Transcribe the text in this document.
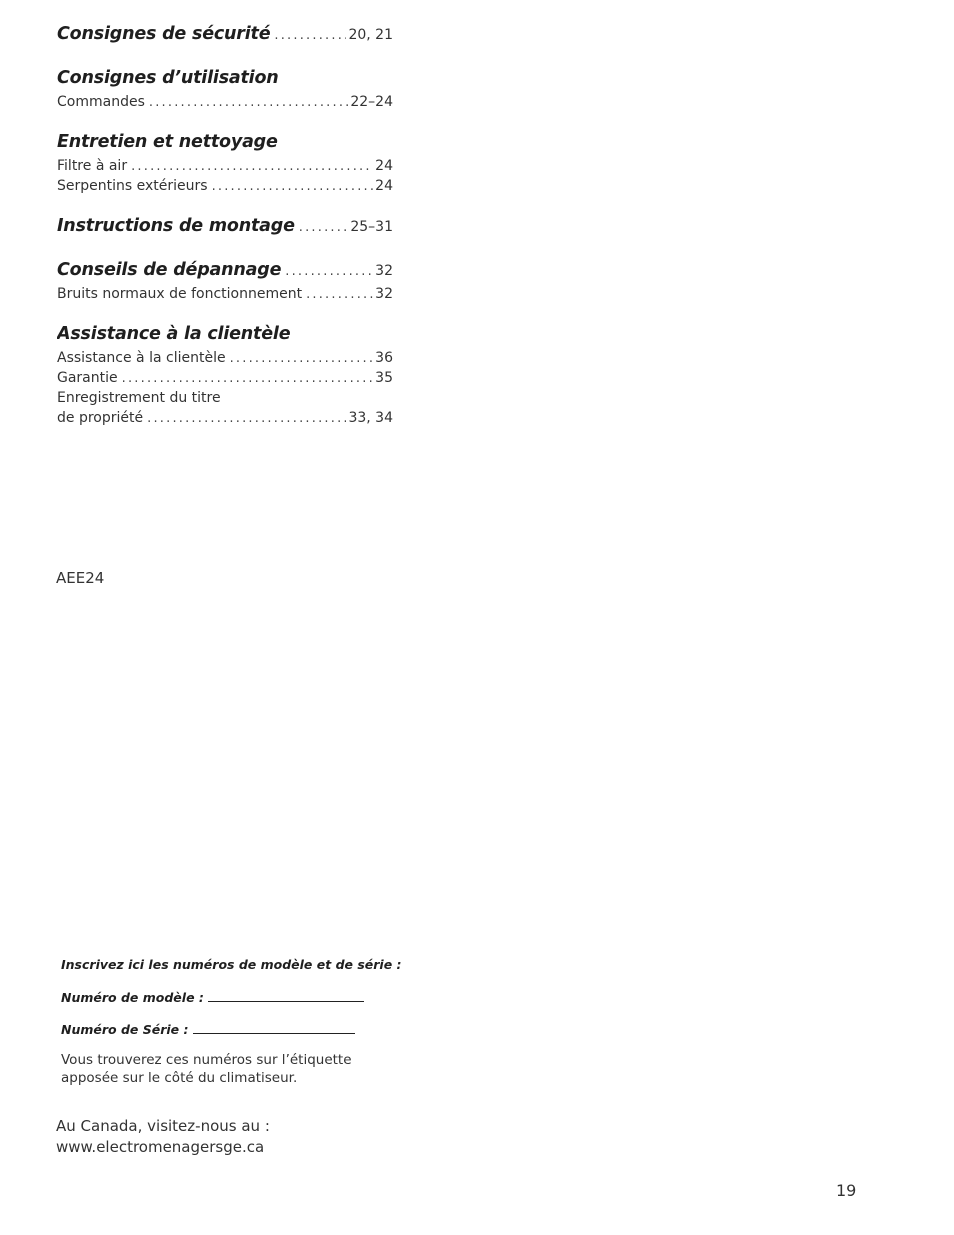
Consignes de sécurité .....	20, 21
Consignes d’utilisation
Commandes .....	22–24
Entretien et nettoyage
Filtre à air .....	24
Serpentins extérieurs .....	24
Instructions de montage .....	25–31
Conseils de dépannage .....	32
Bruits normaux de fonctionnement .....	32
Assistance à la clientèle
Assistance à la clientèle .....	36
Garantie .....	35
Enregistrement du titre
de propriété .....	33, 34
AEE24
Inscrivez ici les numéros de modèle et de série :
Numéro de modèle :
Numéro de Série :
Vous trouverez ces numéros sur l’étiquette
apposée sur le côté du climatiseur.
Au Canada, visitez-nous au :
www.electromenagersge.ca
19
